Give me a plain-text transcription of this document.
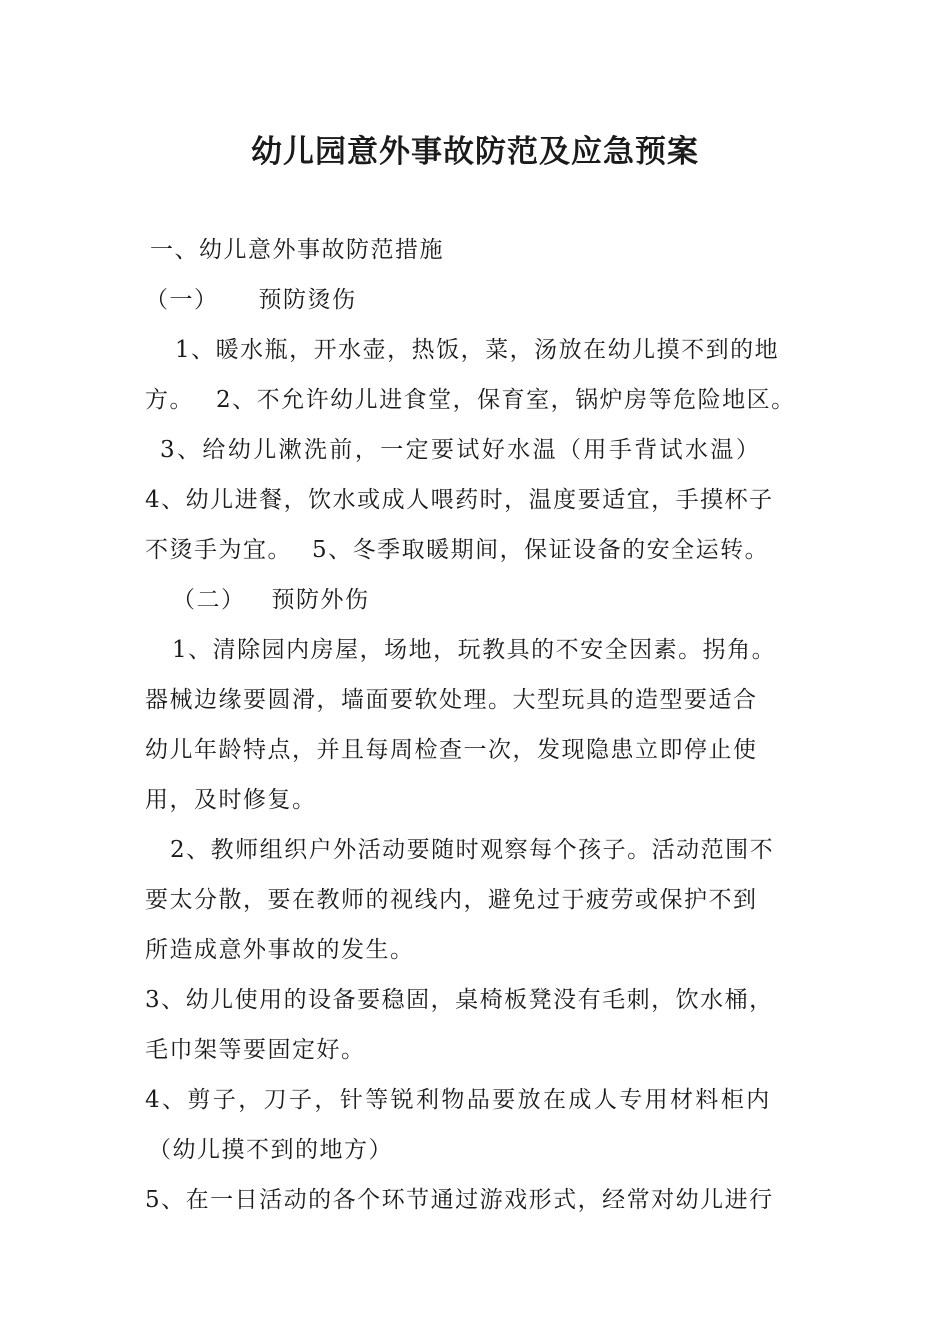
幼儿园意外事故防范及应急预案
一、幼儿意外事故防范措施
（一） 预防烫伤
1、暖水瓶，开水壶，热饭，菜，汤放在幼儿摸不到的地
方。 2、不允许幼儿进食堂，保育室，锅炉房等危险地区。
3、给幼儿漱洗前，一定要试好水温（用手背试水温）
4、幼儿进餐，饮水或成人喂药时，温度要适宜，手摸杯子
不烫手为宜。 5、冬季取暖期间，保证设备的安全运转。
（二） 预防外伤
1、清除园内房屋，场地，玩教具的不安全因素。拐角。
器械边缘要圆滑，墙面要软处理。大型玩具的造型要适合
幼儿年龄特点，并且每周检查一次，发现隐患立即停止使
用，及时修复。
2、教师组织户外活动要随时观察每个孩子。活动范围不
要太分散，要在教师的视线内，避免过于疲劳或保护不到
所造成意外事故的发生。
3、幼儿使用的设备要稳固，桌椅板凳没有毛刺，饮水桶，
毛巾架等要固定好。
4、剪子，刀子，针等锐利物品要放在成人专用材料柜内
（幼儿摸不到的地方）
5、在一日活动的各个环节通过游戏形式，经常对幼儿进行
